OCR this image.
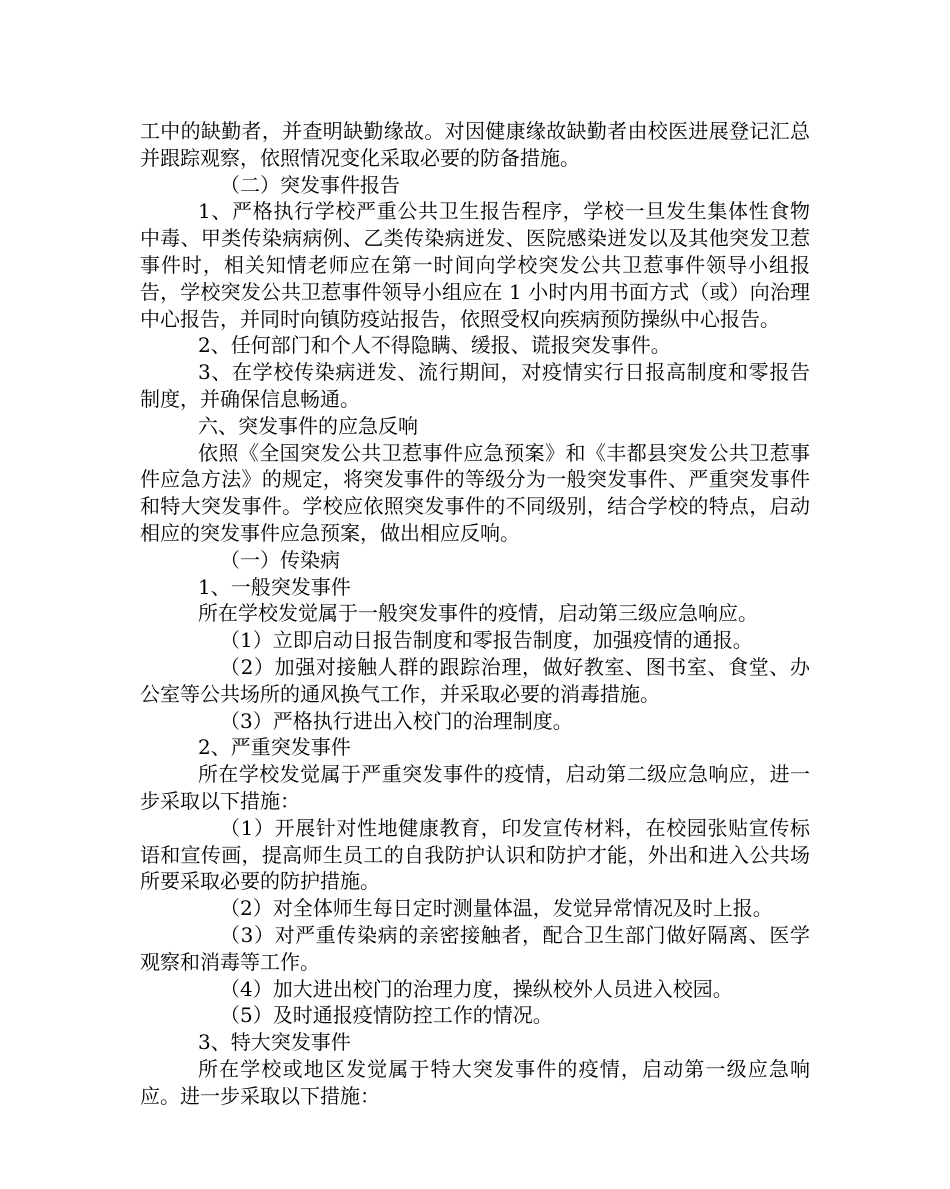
工中的缺勤者，并查明缺勤缘故。对因健康缘故缺勤者由校医进展登记汇总并跟踪观察，依照情况变化采取必要的防备措施。

（二）突发事件报告

1、严格执行学校严重公共卫生报告程序，学校一旦发生集体性食物中毒、甲类传染病病例、乙类传染病迸发、医院感染迸发以及其他突发卫惹事件时，相关知情老师应在第一时间向学校突发公共卫惹事件领导小组报告，学校突发公共卫惹事件领导小组应在 1 小时内用书面方式（或）向治理中心报告，并同时向镇防疫站报告，依照受权向疾病预防操纵中心报告。

2、任何部门和个人不得隐瞒、缓报、谎报突发事件。

3、在学校传染病迸发、流行期间，对疫情实行日报高制度和零报告制度，并确保信息畅通。

六、突发事件的应急反响

依照《全国突发公共卫惹事件应急预案》和《丰都县突发公共卫惹事件应急方法》的规定，将突发事件的等级分为一般突发事件、严重突发事件和特大突发事件。学校应依照突发事件的不同级别，结合学校的特点，启动相应的突发事件应急预案，做出相应反响。

（一）传染病

1、一般突发事件

所在学校发觉属于一般突发事件的疫情，启动第三级应急响应。

（1）立即启动日报告制度和零报告制度，加强疫情的通报。

（2）加强对接触人群的跟踪治理，做好教室、图书室、食堂、办公室等公共场所的通风换气工作，并采取必要的消毒措施。

（3）严格执行进出入校门的治理制度。

2、严重突发事件

所在学校发觉属于严重突发事件的疫情，启动第二级应急响应，进一步采取以下措施：

（1）开展针对性地健康教育，印发宣传材料，在校园张贴宣传标语和宣传画，提高师生员工的自我防护认识和防护才能，外出和进入公共场所要采取必要的防护措施。

（2）对全体师生每日定时测量体温，发觉异常情况及时上报。

（3）对严重传染病的亲密接触者，配合卫生部门做好隔离、医学观察和消毒等工作。

（4）加大进出校门的治理力度，操纵校外人员进入校园。

（5）及时通报疫情防控工作的情况。

3、特大突发事件

所在学校或地区发觉属于特大突发事件的疫情，启动第一级应急响应。进一步采取以下措施：
